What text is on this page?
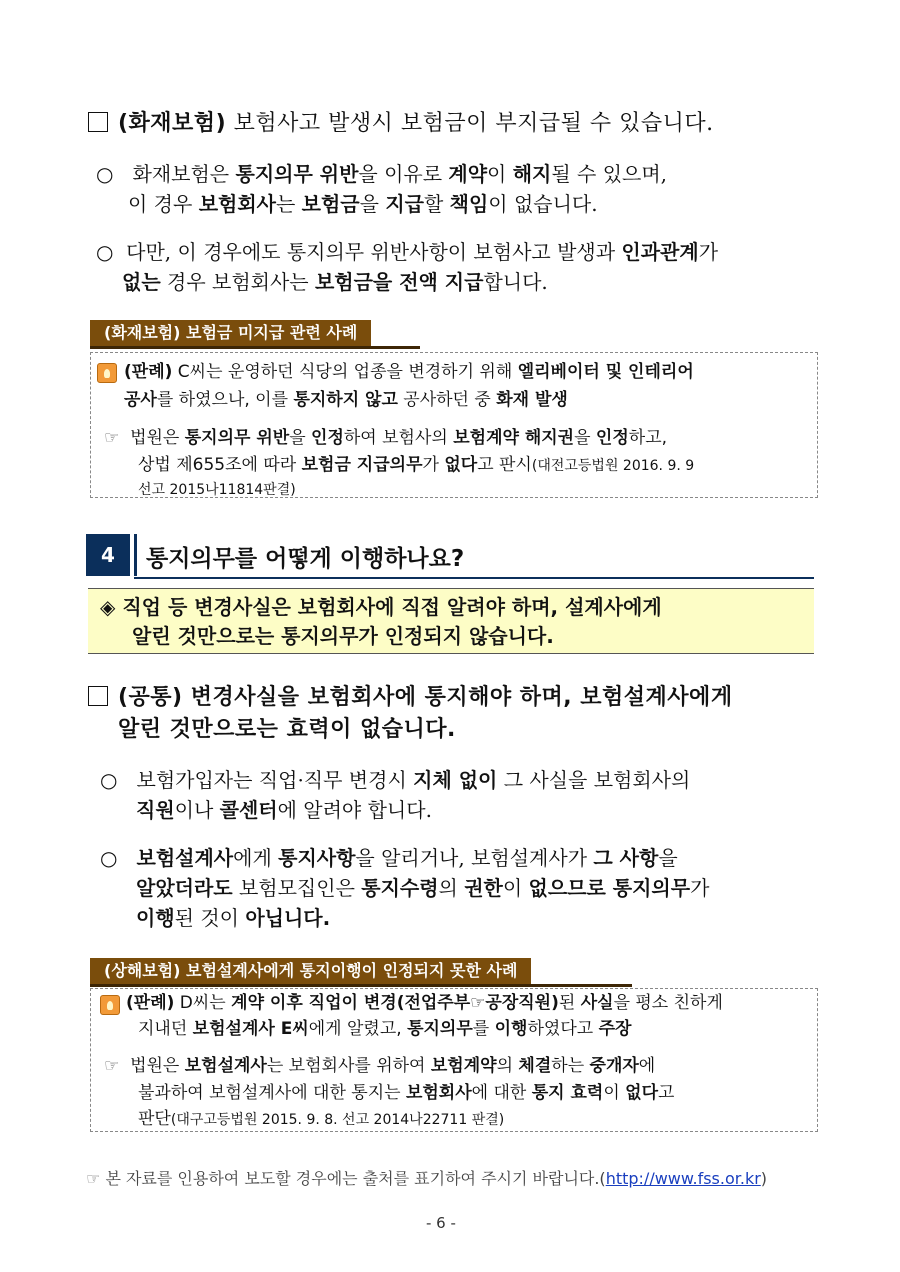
(화재보험) 보험사고 발생시 보험금이 부지급될 수 있습니다.
○ 화재보험은 통지의무 위반을 이유로 계약이 해지될 수 있으며,
이 경우 보험회사는 보험금을 지급할 책임이 없습니다.
○ 다만, 이 경우에도 통지의무 위반사항이 보험사고 발생과 인과관계가
없는 경우 보험회사는 보험금을 전액 지급합니다.
(화재보험) 보험금 미지급 관련 사례
(판례) C씨는 운영하던 식당의 업종을 변경하기 위해 엘리베이터 및 인테리어
공사를 하였으나, 이를 통지하지 않고 공사하던 중 화재 발생
☞ 법원은 통지의무 위반을 인정하여 보험사의 보험계약 해지권을 인정하고,
상법 제655조에 따라 보험금 지급의무가 없다고 판시(대전고등법원 2016. 9. 9
선고 2015나11814판결)
4	통지의무를 어떻게 이행하나요?
◈ 직업 등 변경사실은 보험회사에 직접 알려야 하며, 설계사에게
알린 것만으로는 통지의무가 인정되지 않습니다.
(공통) 변경사실을 보험회사에 통지해야 하며, 보험설계사에게
알린 것만으로는 효력이 없습니다.
○ 보험가입자는 직업·직무 변경시 지체 없이 그 사실을 보험회사의
직원이나 콜센터에 알려야 합니다.
○ 보험설계사에게 통지사항을 알리거나, 보험설계사가 그 사항을
알았더라도 보험모집인은 통지수령의 권한이 없으므로 통지의무가
이행된 것이 아닙니다.
(상해보험) 보험설계사에게 통지이행이 인정되지 못한 사례
(판례) D씨는 계약 이후 직업이 변경(전업주부☞공장직원)된 사실을 평소 친하게
지내던 보험설계사 E씨에게 알렸고, 통지의무를 이행하였다고 주장
☞ 법원은 보험설계사는 보험회사를 위하여 보험계약의 체결하는 중개자에
불과하여 보험설계사에 대한 통지는 보험회사에 대한 통지 효력이 없다고
판단(대구고등법원 2015. 9. 8. 선고 2014나22711 판결)
☞ 본 자료를 인용하여 보도할 경우에는 출처를 표기하여 주시기 바랍니다.(http://www.fss.or.kr)
- 6 -
